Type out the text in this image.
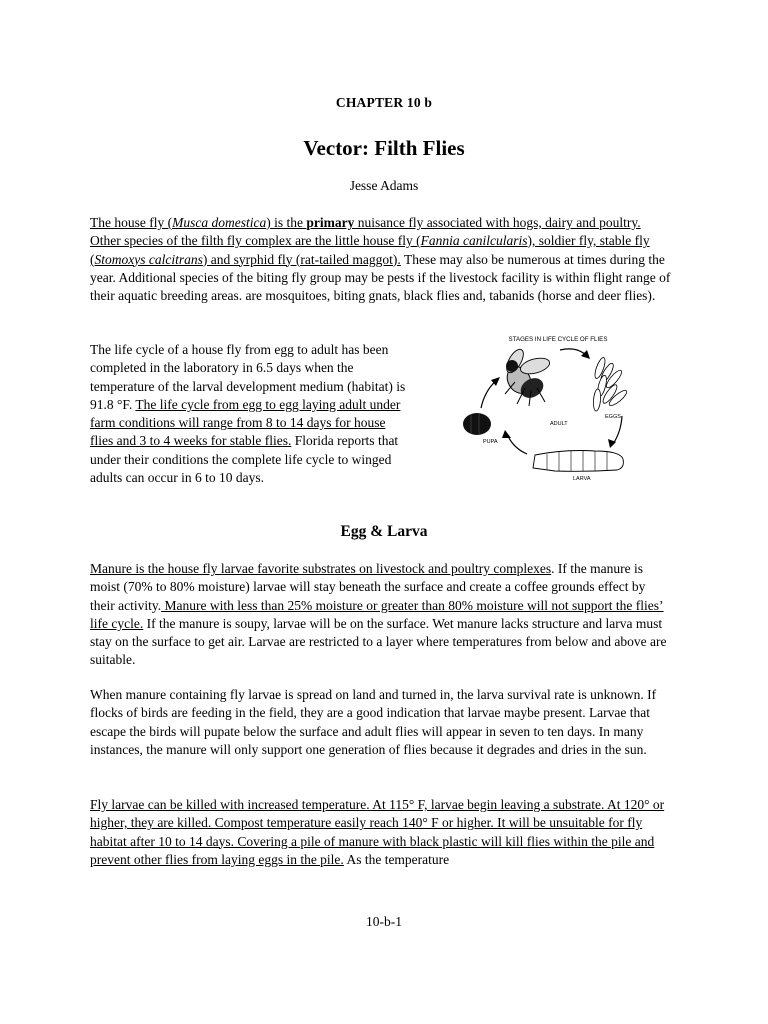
CHAPTER 10 b
Vector: Filth Flies
Jesse Adams

The house fly (Musca domestica) is the primary nuisance fly associated with hogs, dairy and poultry. Other species of the filth fly complex are the little house fly (Fannia canilcularis), soldier fly, stable fly (Stomoxys calcitrans) and syrphid fly (rat-tailed maggot). These may also be numerous at times during the year. Additional species of the biting fly group may be pests if the livestock facility is within flight range of their aquatic breeding areas. are mosquitoes, biting gnats, black flies and, tabanids (horse and deer flies).

The life cycle of a house fly from egg to adult has been completed in the laboratory in 6.5 days when the temperature of the larval development medium (habitat) is 91.8 °F. The life cycle from egg to egg laying adult under farm conditions will range from 8 to 14 days for house flies and 3 to 4 weeks for stable flies. Florida reports that under their conditions the complete life cycle to winged adults can occur in 6 to 10 days.

STAGES IN LIFE CYCLE OF FLIES
ADULT
EGGS
PUPA
LARVA
Egg & Larva

Manure is the house fly larvae favorite substrates on livestock and poultry complexes. If the manure is moist (70% to 80% moisture) larvae will stay beneath the surface and create a coffee grounds effect by their activity. Manure with less than 25% moisture or greater than 80% moisture will not support the flies’ life cycle. If the manure is soupy, larvae will be on the surface. Wet manure lacks structure and larva must stay on the surface to get air. Larvae are restricted to a layer where temperatures from below and above are suitable.

When manure containing fly larvae is spread on land and turned in, the larva survival rate is unknown. If flocks of birds are feeding in the field, they are a good indication that larvae maybe present. Larvae that escape the birds will pupate below the surface and adult flies will appear in seven to ten days. In many instances, the manure will only support one generation of flies because it degrades and dries in the sun.

Fly larvae can be killed with increased temperature. At 115° F, larvae begin leaving a substrate. At 120° or higher, they are killed. Compost temperature easily reach 140° F or higher. It will be unsuitable for fly habitat after 10 to 14 days. Covering a pile of manure with black plastic will kill flies within the pile and prevent other flies from laying eggs in the pile. As the temperature

10-b-1
